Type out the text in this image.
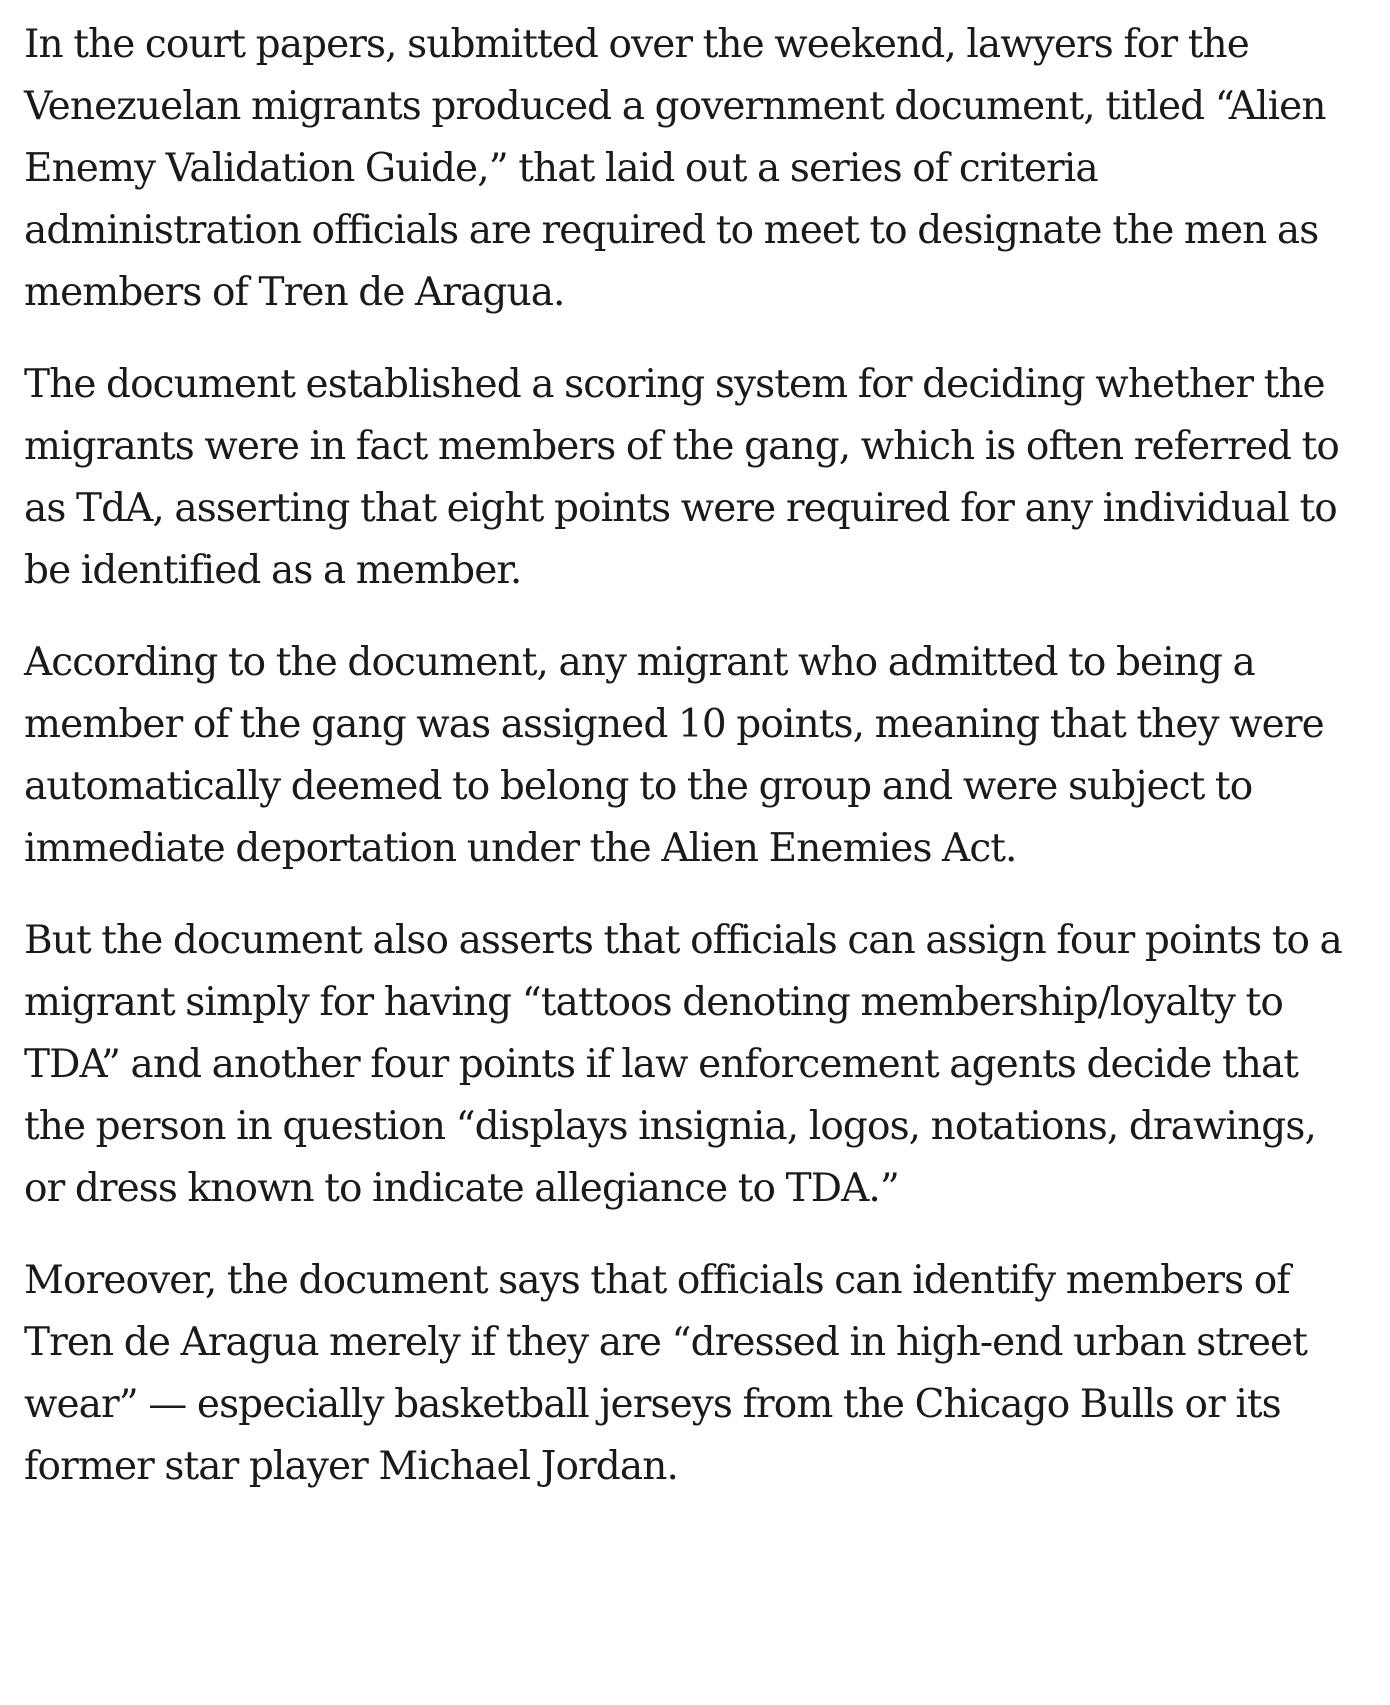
In the court papers, submitted over the weekend, lawyers for the Venezuelan migrants produced a government document, titled “Alien Enemy Validation Guide,” that laid out a series of criteria administration officials are required to meet to designate the men as members of Tren de Aragua.

The document established a scoring system for deciding whether the migrants were in fact members of the gang, which is often referred to as TdA, asserting that eight points were required for any individual to be identified as a member.

According to the document, any migrant who admitted to being a member of the gang was assigned 10 points, meaning that they were automatically deemed to belong to the group and were subject to immediate deportation under the Alien Enemies Act.

But the document also asserts that officials can assign four points to a migrant simply for having “tattoos denoting membership/loyalty to TDA” and another four points if law enforcement agents decide that the person in question “displays insignia, logos, notations, drawings, or dress known to indicate allegiance to TDA.”

Moreover, the document says that officials can identify members of Tren de Aragua merely if they are “dressed in high-end urban street wear” — especially basketball jerseys from the Chicago Bulls or its former star player Michael Jordan.
